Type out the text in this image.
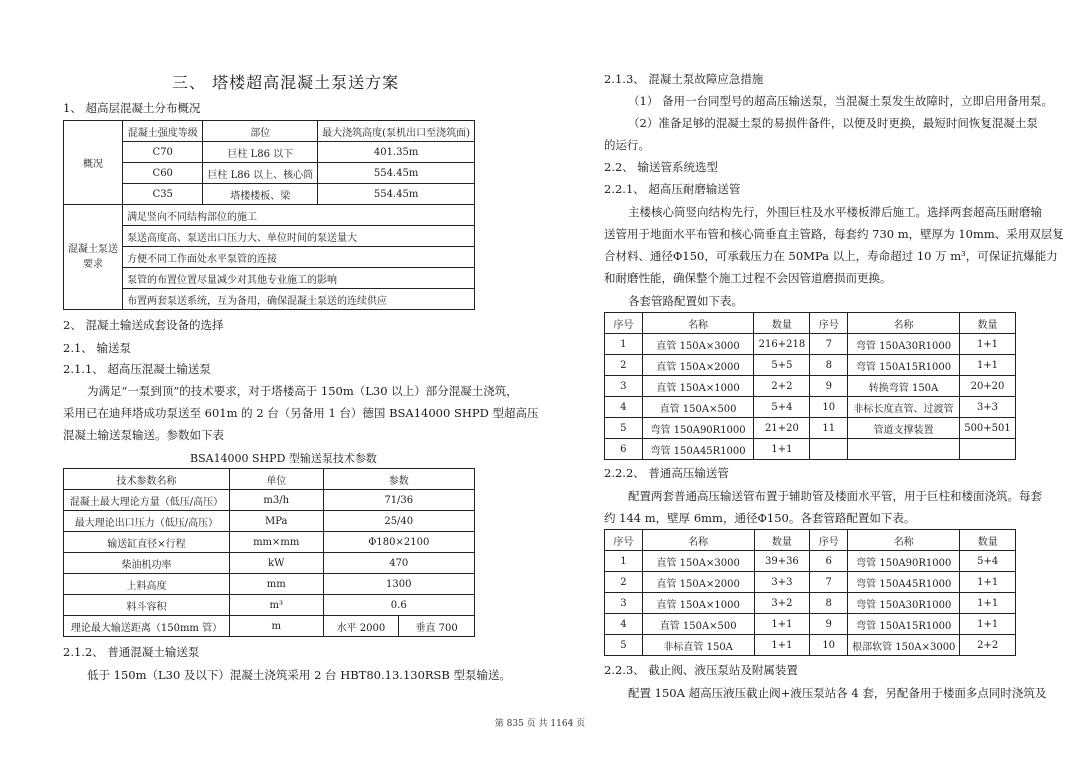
三、 塔楼超高混凝土泵送方案
1、 超高层混凝土分布概况
概况	混凝土强度等级	部位	最大浇筑高度(泵机出口至浇筑面)
	C70	巨柱 L86 以下	401.35m
	C60	巨柱 L86 以上、核心筒	554.45m
	C35	塔楼楼板、梁	554.45m
混凝土泵送
要求	满足竖向不同结构部位的施工		
	泵送高度高、泵送出口压力大、单位时间的泵送量大		
	方便不同工作面处水平泵管的连接		
	泵管的布置位置尽量减少对其他专业施工的影响		
	布置两套泵送系统，互为备用，确保混凝土泵送的连续供应		
2、 混凝土输送成套设备的选择
2.1、 输送泵
2.1.1、 超高压混凝土输送泵
为满足“一泵到顶”的技术要求，对于塔楼高于 150m（L30 以上）部分混凝土浇筑，
采用已在迪拜塔成功泵送至 601m 的 2 台（另备用 1 台）德国 BSA14000 SHPD 型超高压
混凝土输送泵输送。参数如下表
BSA14000 SHPD 型输送泵技术参数
技术参数名称	单位	参数	
混凝土最大理论方量（低压/高压）	m3/h	71/36	
最大理论出口压力（低压/高压）	MPa	25/40	
输送缸直径×行程	mm×mm	Φ180×2100	
柴油机功率	kW	470	
上料高度	mm	1300	
料斗容积	m³	0.6	
理论最大输送距离（150mm 管）	m	水平 2000	垂直 700
2.1.2、 普通混凝土输送泵
低于 150m（L30 及以下）混凝土浇筑采用 2 台 HBT80.13.130RSB 型泵输送。
2.1.3、 混凝土泵故障应急措施
（1） 备用一台同型号的超高压输送泵，当混凝土泵发生故障时，立即启用备用泵。
（2）准备足够的混凝土泵的易损件备件，以便及时更换，最短时间恢复混凝土泵
的运行。
2.2、 输送管系统选型
2.2.1、 超高压耐磨输送管
主楼核心筒竖向结构先行，外围巨柱及水平楼板滞后施工。选择两套超高压耐磨输
送管用于地面水平布管和核心筒垂直主管路，每套约 730 m，壁厚为 10mm、采用双层复
合材料、通径Φ150，可承载压力在 50MPa 以上，寿命超过 10 万 m³，可保证抗爆能力
和耐磨性能，确保整个施工过程不会因管道磨损而更换。
各套管路配置如下表。
序号	名称	数量	序号	名称	数量
1	直管 150A×3000	216+218	7	弯管 150A30R1000	1+1
2	直管 150A×2000	5+5	8	弯管 150A15R1000	1+1
3	直管 150A×1000	2+2	9	转换弯管 150A	20+20
4	直管 150A×500	5+4	10	非标长度直管、过渡管	3+3
5	弯管 150A90R1000	21+20	11	管道支撑装置	500+501
6	弯管 150A45R1000	1+1			
2.2.2、 普通高压输送管
配置两套普通高压输送管布置于辅助管及楼面水平管，用于巨柱和楼面浇筑。每套
约 144 m，壁厚 6mm，通径Φ150。各套管路配置如下表。
序号	名称	数量	序号	名称	数量
1	直管 150A×3000	39+36	6	弯管 150A90R1000	5+4
2	直管 150A×2000	3+3	7	弯管 150A45R1000	1+1
3	直管 150A×1000	3+2	8	弯管 150A30R1000	1+1
4	直管 150A×500	1+1	9	弯管 150A15R1000	1+1
5	非标直管 150A	1+1	10	根部软管 150A×3000	2+2
2.2.3、 截止阀、液压泵站及附属装置
配置 150A 超高压液压截止阀+液压泵站各 4 套，另配备用于楼面多点同时浇筑及
第 835 页 共 1164 页
